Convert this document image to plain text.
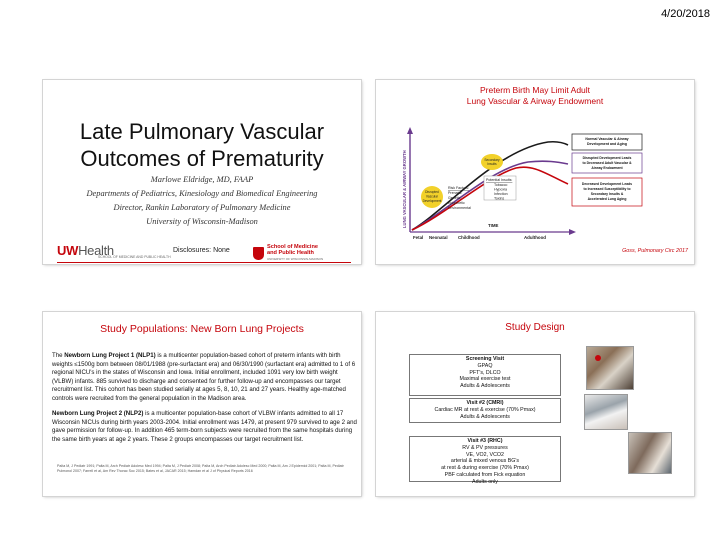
4/20/2018
Late Pulmonary Vascular
Outcomes of Prematurity
Marlowe Eldridge, MD, FAAP
Departments of Pediatrics, Kinesiology and Biomedical Engineering
Director, Rankin Laboratory of Pulmonary Medicine
University of Wisconsin-Madison
UWHealth
SCHOOL OF MEDICINE AND PUBLIC HEALTH
Disclosures: None	School of Medicine
and Public Health
UNIVERSITY OF WISCONSIN-MADISON
Preterm Birth May Limit Adult
Lung Vascular & Airway Endowment
LUNG VASCULAR & AIRWAY GROWTH	TIME
Fetal Neonatal Childhood	Adulthood
Secondary
Insults
Disrupted
Vascular
Development
Potential Insults:
Tobacco
Hypoxia
Infection
Toxins
Risk Factors:
Prenatal
Genetic
Epigenetic
Environmental
Normal Vascular & Airway
Development and Aging
Disrupted Development Leads
to Decreased Adult Vascular &
Airway Endowment
Decreased Development Leads
to Increased Susceptibility to
Secondary Insults &
Accelerated Lung Aging
Goss, Pulmonary Circ 2017
Study Populations: New Born Lung Projects

The Newborn Lung Project 1 (NLP1) is a multicenter population-based cohort of preterm infants with birth weights ≤1500g born between 08/01/1988 (pre-surfactant era) and 06/30/1990 (surfactant era) admitted to 1 of 6 regional NICU's in the states of Wisconsin and Iowa. Initial enrollment, included 1091 very low birth weight (VLBW) infants. 885 survived to discharge and consented for further follow-up and encompasses our target recruitment list. This cohort has been studied serially at ages 5, 8, 10, 21 and 27 years. Healthy age-matched controls were recruited from the general population in the Madison area.

Newborn Lung Project 2 (NLP2) is a multicenter population-base cohort of VLBW infants admitted to all 17 Wisconsin NICUs during birth years 2003-2004. Initial enrollment was 1479, at present 979 survived to age 2 and gave permission for follow-up. In addition 465 term-born subjects were recruited from the same hospitals during the same birth years at age 2 years. These 2 groups encompasses our target recruitment list.

Palta M, J Pediatr 1991; Palta M, Arch Pediatr Adolesc Med 1994; Palta M, J Pediatr 2008; Palta M, Arch Pediatr Adolesc Med 2000; Palta M, Am J Epidemiol 2001; Palta M, Pediatr Pulmonol 2007; Farrell et al, Am Rev Thorac Soc 2015; Bates et al, JACAR 2015; Hamdan et al J of Physical Reports 2016
Study Design
Screening Visit
GPAQ
PFT's, DLCO
Maximal exercise test
Adults & Adolescents
Visit #2 (CMRI)
Cardiac MR at rest & exercise (70% Pmax)
Adults & Adolescents
Visit #3 (RHC)
RV & PV pressures
VE, VO2, VCO2
arterial & mixed venous BG's
at rest & during exercise (70% Pmax)
PBF calculated from Fick equation
Adults only
